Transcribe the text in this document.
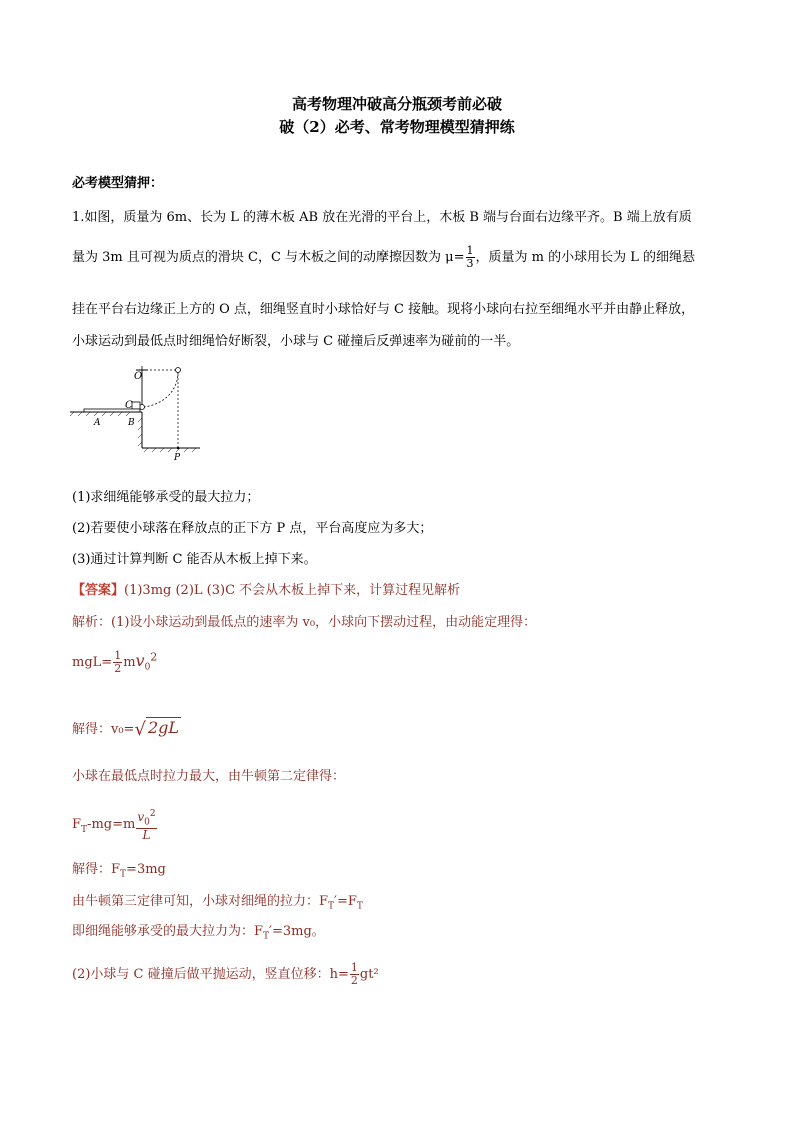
高考物理冲破高分瓶颈考前必破
破（2）必考、常考物理模型猜押练
必考模型猜押：
1.如图，质量为 6m、长为 L 的薄木板 AB 放在光滑的平台上，木板 B 端与台面右边缘平齐。B 端上放有质
量为 3m 且可视为质点的滑块 C，C 与木板之间的动摩擦因数为 $\mu= \frac{1}{3}$ ，质量为 m 的小球用长为 L 的细绳悬
挂在平台右边缘正上方的 O 点，细绳竖直时小球恰好与 C 接触。现将小球向右拉至细绳水平并由静止释放，
小球运动到最低点时细绳恰好断裂，小球与 C 碰撞后反弹速率为碰前的一半。
O
C
A	B
P
(1)求细绳能够承受的最大拉力；
(2)若要使小球落在释放点的正下方 P 点，平台高度应为多大；
(3)通过计算判断 C 能否从木板上掉下来。
【答案】(1)3mg (2)L (3)C 不会从木板上掉下来，计算过程见解析
解析：(1)设小球运动到最低点的速率为 v₀，小球向下摆动过程，由动能定理得：
$mgL= \frac{1}{2} mv_0^2$
解得：v₀=√ 2gL
小球在最低点时拉力最大，由牛顿第二定律得：
$F_T-mg=m \frac{v_0^2}{L}$
解得：$F_T=3mg$
由牛顿第三定律可知，小球对细绳的拉力：$F_T'=F_T$
即细绳能够承受的最大拉力为：$F_T'=3mg$。
(2)小球与 C 碰撞后做平抛运动，竖直位移：$h= \frac{1}{2} gt^2$
